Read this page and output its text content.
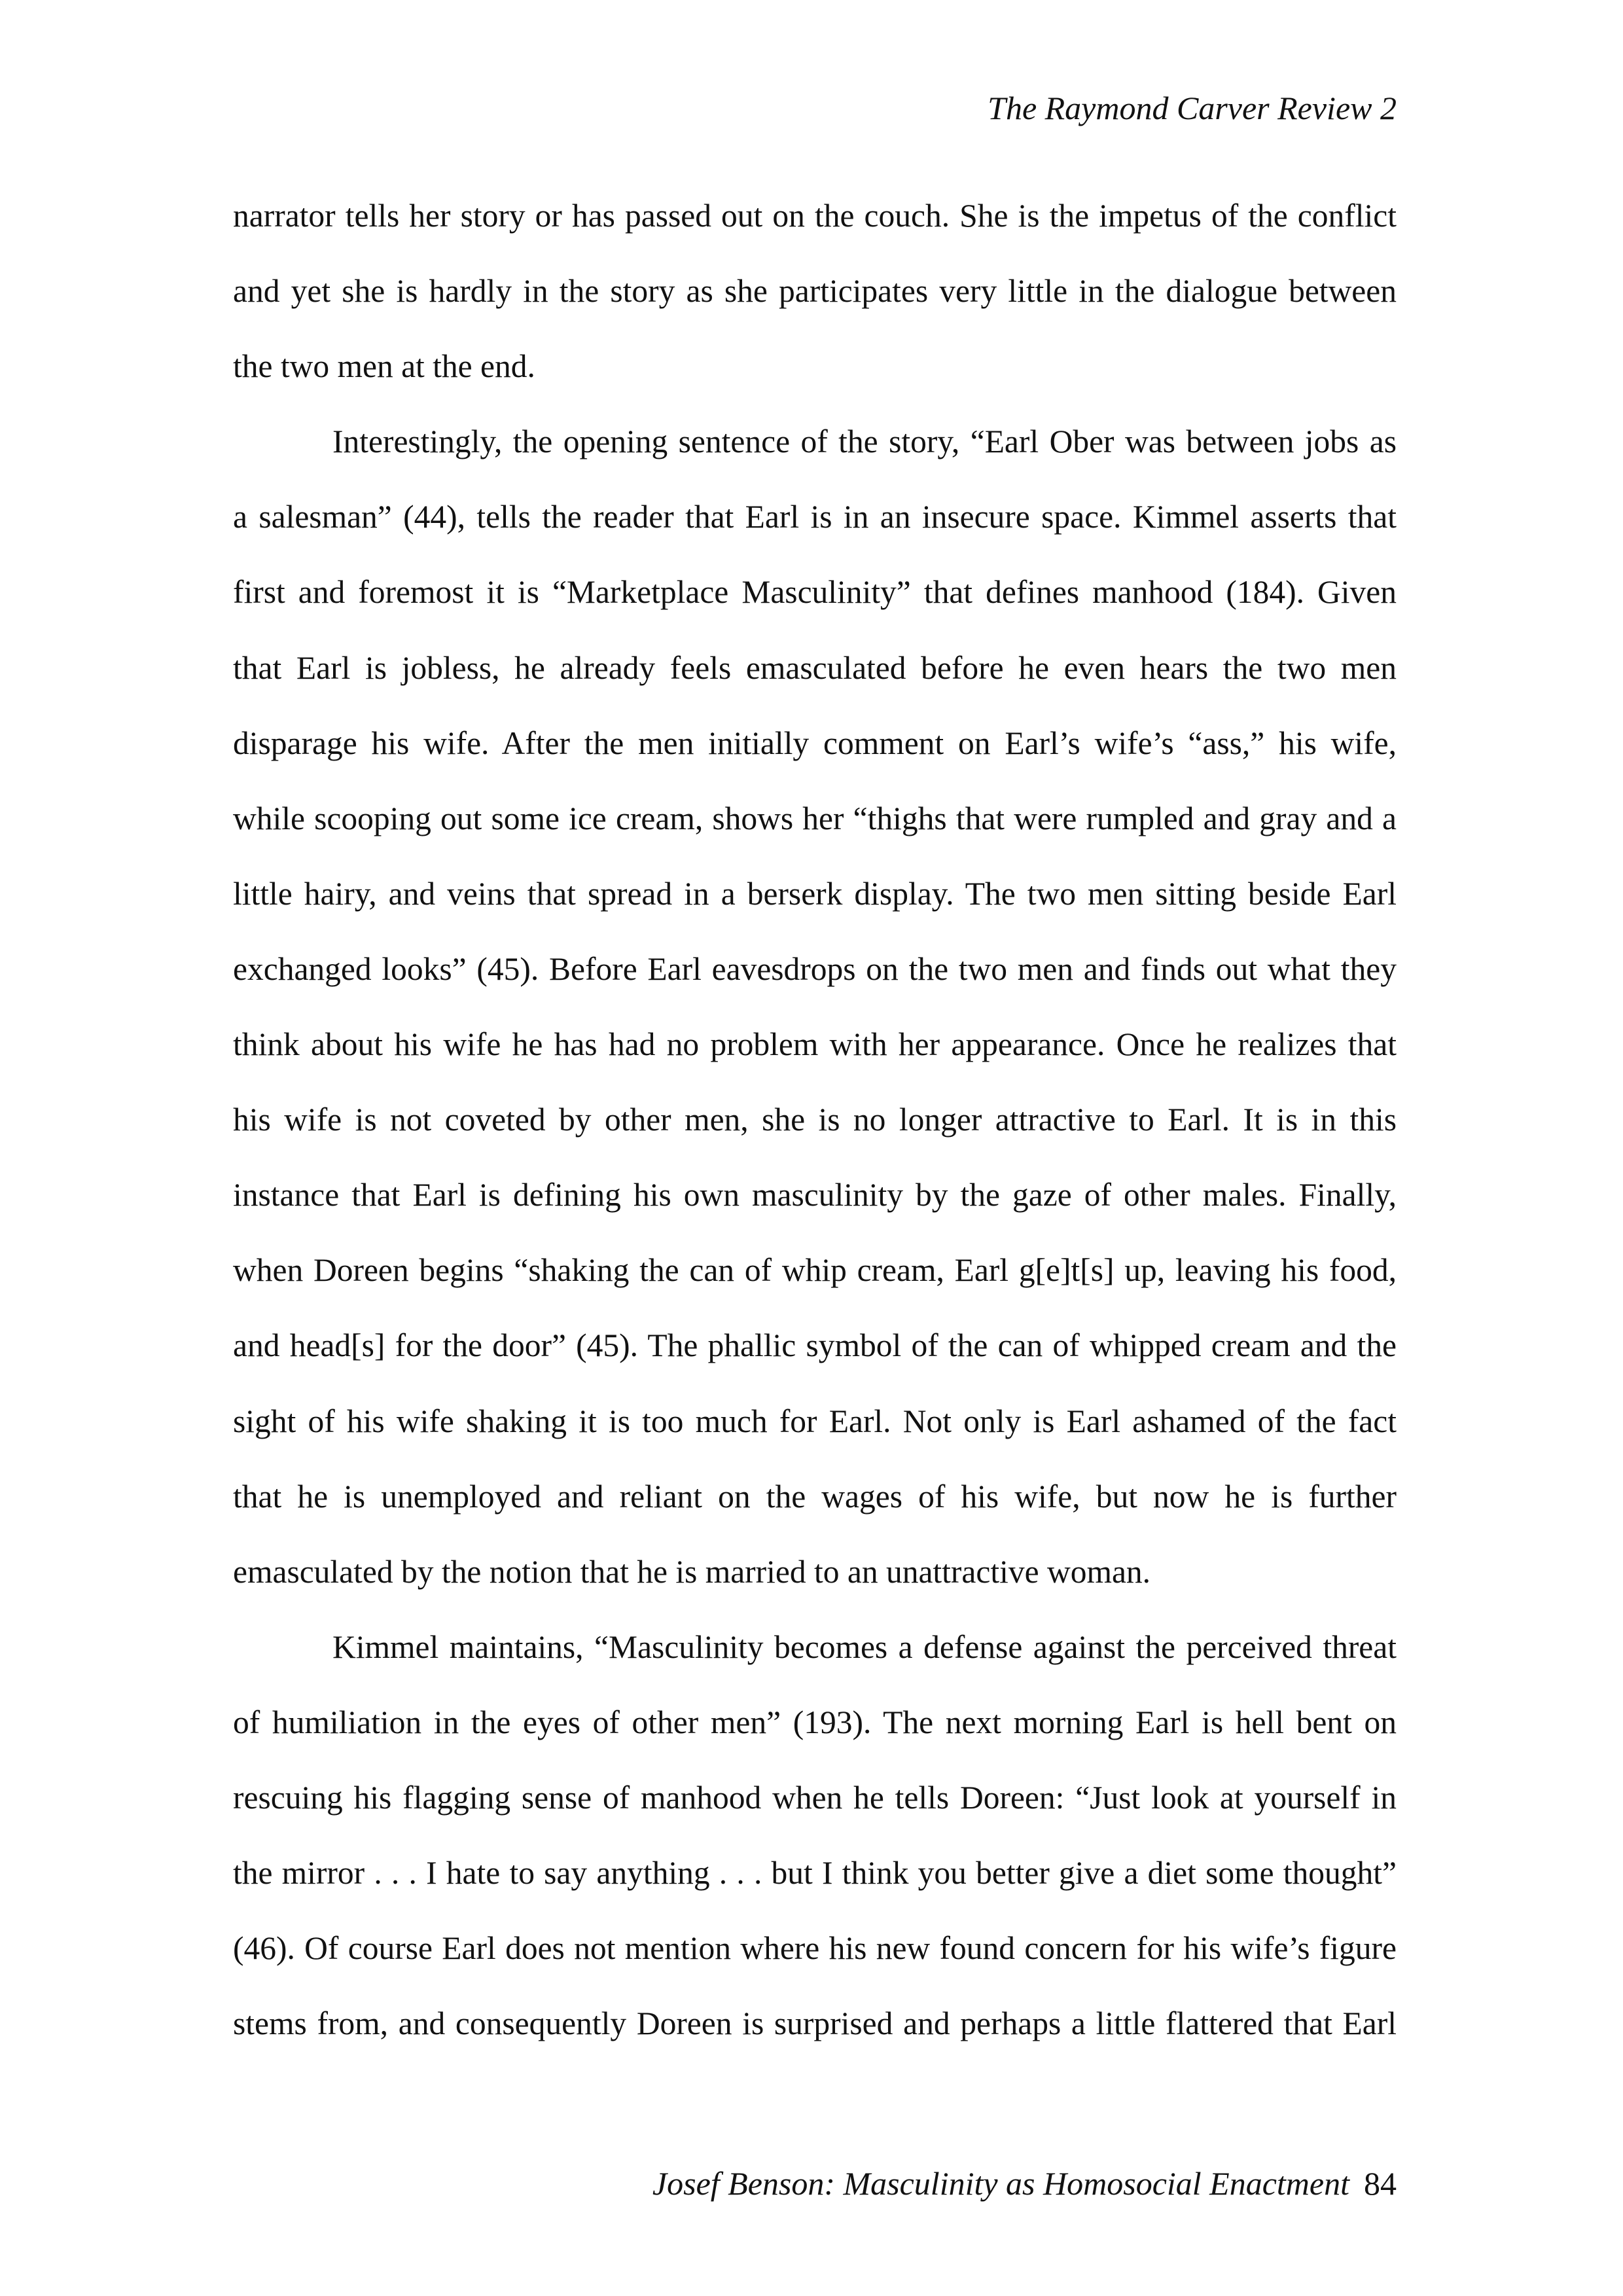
The Raymond Carver Review 2
narrator tells her story or has passed out on the couch. She is the impetus of the conflict
and yet she is hardly in the story as she participates very little in the dialogue between
the two men at the end.
Interestingly, the opening sentence of the story, “Earl Ober was between jobs as
a salesman” (44), tells the reader that Earl is in an insecure space. Kimmel asserts that
first and foremost it is “Marketplace Masculinity” that defines manhood (184). Given
that Earl is jobless, he already feels emasculated before he even hears the two men
disparage his wife. After the men initially comment on Earl’s wife’s “ass,” his wife,
while scooping out some ice cream, shows her “thighs that were rumpled and gray and a
little hairy, and veins that spread in a berserk display. The two men sitting beside Earl
exchanged looks” (45). Before Earl eavesdrops on the two men and finds out what they
think about his wife he has had no problem with her appearance. Once he realizes that
his wife is not coveted by other men, she is no longer attractive to Earl. It is in this
instance that Earl is defining his own masculinity by the gaze of other males. Finally,
when Doreen begins “shaking the can of whip cream, Earl g[e]t[s] up, leaving his food,
and head[s] for the door” (45). The phallic symbol of the can of whipped cream and the
sight of his wife shaking it is too much for Earl. Not only is Earl ashamed of the fact
that he is unemployed and reliant on the wages of his wife, but now he is further
emasculated by the notion that he is married to an unattractive woman.
Kimmel maintains, “Masculinity becomes a defense against the perceived threat
of humiliation in the eyes of other men” (193). The next morning Earl is hell bent on
rescuing his flagging sense of manhood when he tells Doreen: “Just look at yourself in
the mirror . . . I hate to say anything . . . but I think you better give a diet some thought”
(46). Of course Earl does not mention where his new found concern for his wife’s figure
stems from, and consequently Doreen is surprised and perhaps a little flattered that Earl
Josef Benson: Masculinity as Homosocial Enactment 84
